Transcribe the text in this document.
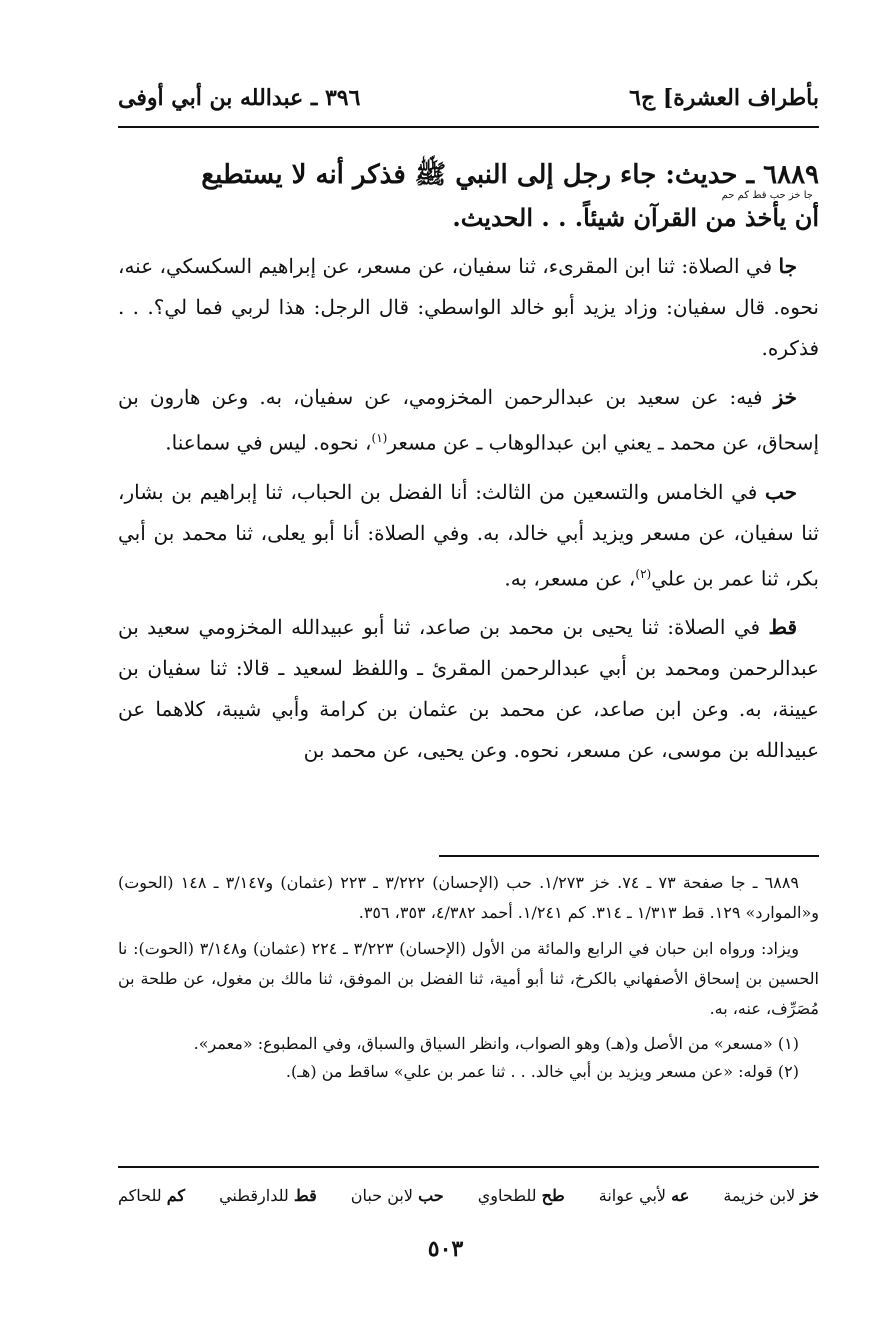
بأطراف العشرة] ج٦
٣٩٦ ـ عبدالله بن أبي أوفى

٦٨٨٩ ـ حديث: جاء رجل إلى النبي ﷺ فذكر أنه لا يستطيع

جا خز حب قط كم حم

أن يأخذ من القرآن شيئاً. . . الحديث.

جا في الصلاة: ثنا ابن المقرىء، ثنا سفيان، عن مسعر، عن إبراهيم السكسكي، عنه، نحوه. قال سفيان: وزاد يزيد أبو خالد الواسطي: قال الرجل: هذا لربي فما لي؟. . . فذكره.

خز فيه: عن سعيد بن عبدالرحمن المخزومي، عن سفيان، به. وعن هارون بن إسحاق، عن محمد ـ يعني ابن عبدالوهاب ـ عن مسعر$^{(١)}$، نحوه. ليس في سماعنا.

حب في الخامس والتسعين من الثالث: أنا الفضل بن الحباب، ثنا إبراهيم بن بشار، ثنا سفيان، عن مسعر ويزيد أبي خالد، به. وفي الصلاة: أنا أبو يعلى، ثنا محمد بن أبي بكر، ثنا عمر بن علي$^{(٢)}$، عن مسعر، به.

قط في الصلاة: ثنا يحيى بن محمد بن صاعد، ثنا أبو عبيدالله المخزومي سعيد بن عبدالرحمن ومحمد بن أبي عبدالرحمن المقرئ ـ واللفظ لسعيد ـ قالا: ثنا سفيان بن عيينة، به. وعن ابن صاعد، عن محمد بن عثمان بن كرامة وأبي شيبة، كلاهما عن عبيدالله بن موسى، عن مسعر، نحوه. وعن يحيى، عن محمد بن

٦٨٨٩ ـ جا صفحة ٧٣ ـ ٧٤. خز ١/٢٧٣. حب (الإحسان) ٣/٢٢٢ ـ ٢٢٣ (عثمان) و٣/١٤٧ ـ ١٤٨ (الحوت) و«الموارد» ١٢٩. قط ١/٣١٣ ـ ٣١٤. كم ١/٢٤١. أحمد ٤/٣٨٢، ٣٥٣، ٣٥٦.

ويزاد: ورواه ابن حبان في الرابع والمائة من الأول (الإحسان) ٣/٢٢٣ ـ ٢٢٤ (عثمان) و٣/١٤٨ (الحوت): نا الحسين بن إسحاق الأصفهاني بالكرخ، ثنا أبو أمية، ثنا الفضل بن الموفق، ثنا مالك بن مغول، عن طلحة بن مُصَرِّف، عنه، به.

(١) «مسعر» من الأصل و(هـ) وهو الصواب، وانظر السياق والسباق، وفي المطبوع: «معمر».

(٢) قوله: «عن مسعر ويزيد بن أبي خالد. . . ثنا عمر بن علي» ساقط من (هـ).

خز لابن خزيمة
عه لأبي عوانة
طح للطحاوي
حب لابن حبان
قط للدارقطني
كم للحاكم
٥٠٣
